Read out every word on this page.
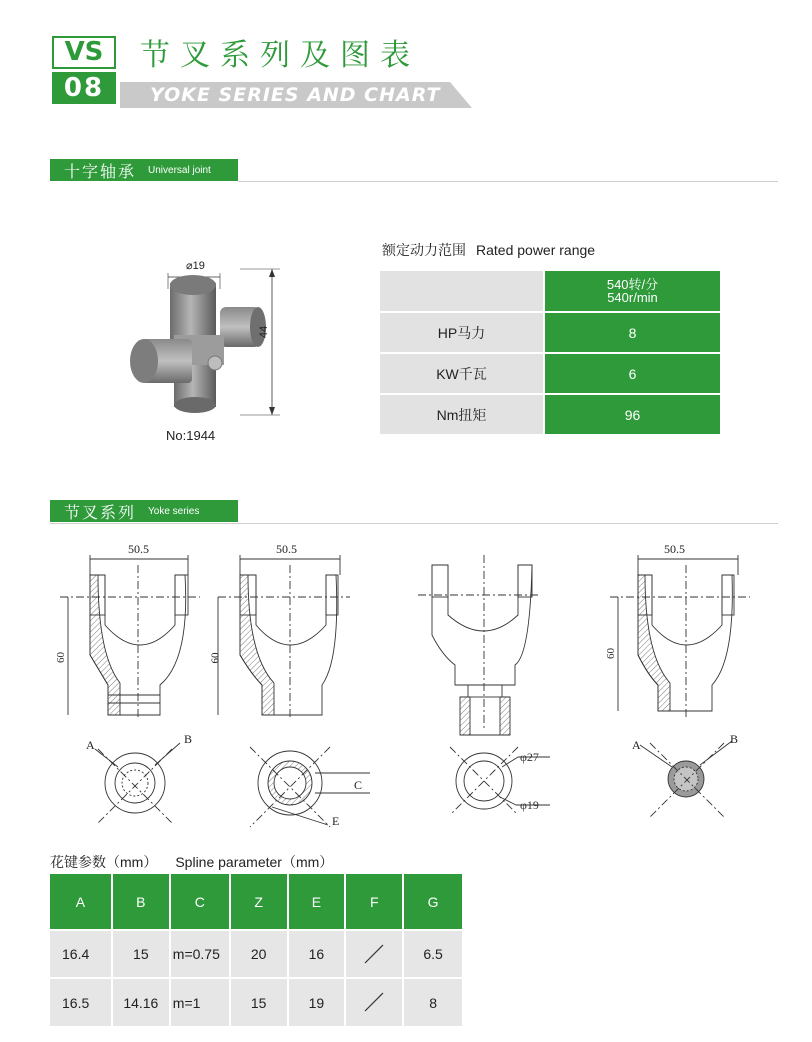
VS
08
节叉系列及图表
YOKE SERIES AND CHART
十字轴承 Universal joint
⌀19
44
No:1944
额定动力范围 Rated power range

	540转/分
540r/min

HP马力	8
KW千瓦	6
Nm扭矩	96
节叉系列 Yoke series
60
φ27
φ19
60
50.5	50.5
60
50.5
A	B
C
E
A	B
花键参数（mm） Spline parameter（mm）
A	B	C	Z	E	F	G
16.4	15	m=0.75	20	16		6.5
16.5	14.16	m=1	15	19		8
